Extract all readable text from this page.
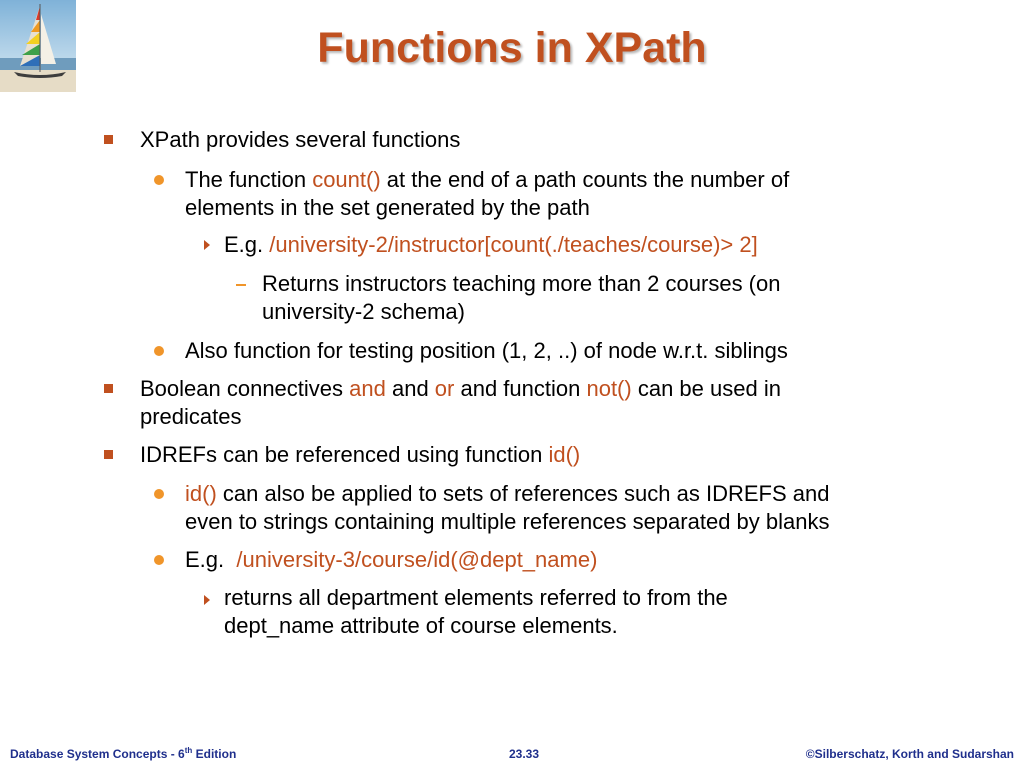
Functions in XPath
XPath provides several functions
The function count() at the end of a path counts the number of
elements in the set generated by the path
E.g. /university-2/instructor[count(./teaches/course)> 2]
Returns instructors teaching more than 2 courses (on
university-2 schema)
Also function for testing position (1, 2, ..) of node w.r.t. siblings
Boolean connectives and and or and function not() can be used in
predicates
IDREFs can be referenced using function id()
id() can also be applied to sets of references such as IDREFS and
even to strings containing multiple references separated by blanks
E.g.  /university-3/course/id(@dept_name)
returns all department elements referred to from the
dept_name attribute of course elements.
Database System Concepts - 6th Edition	23.33	©Silberschatz, Korth and Sudarshan
